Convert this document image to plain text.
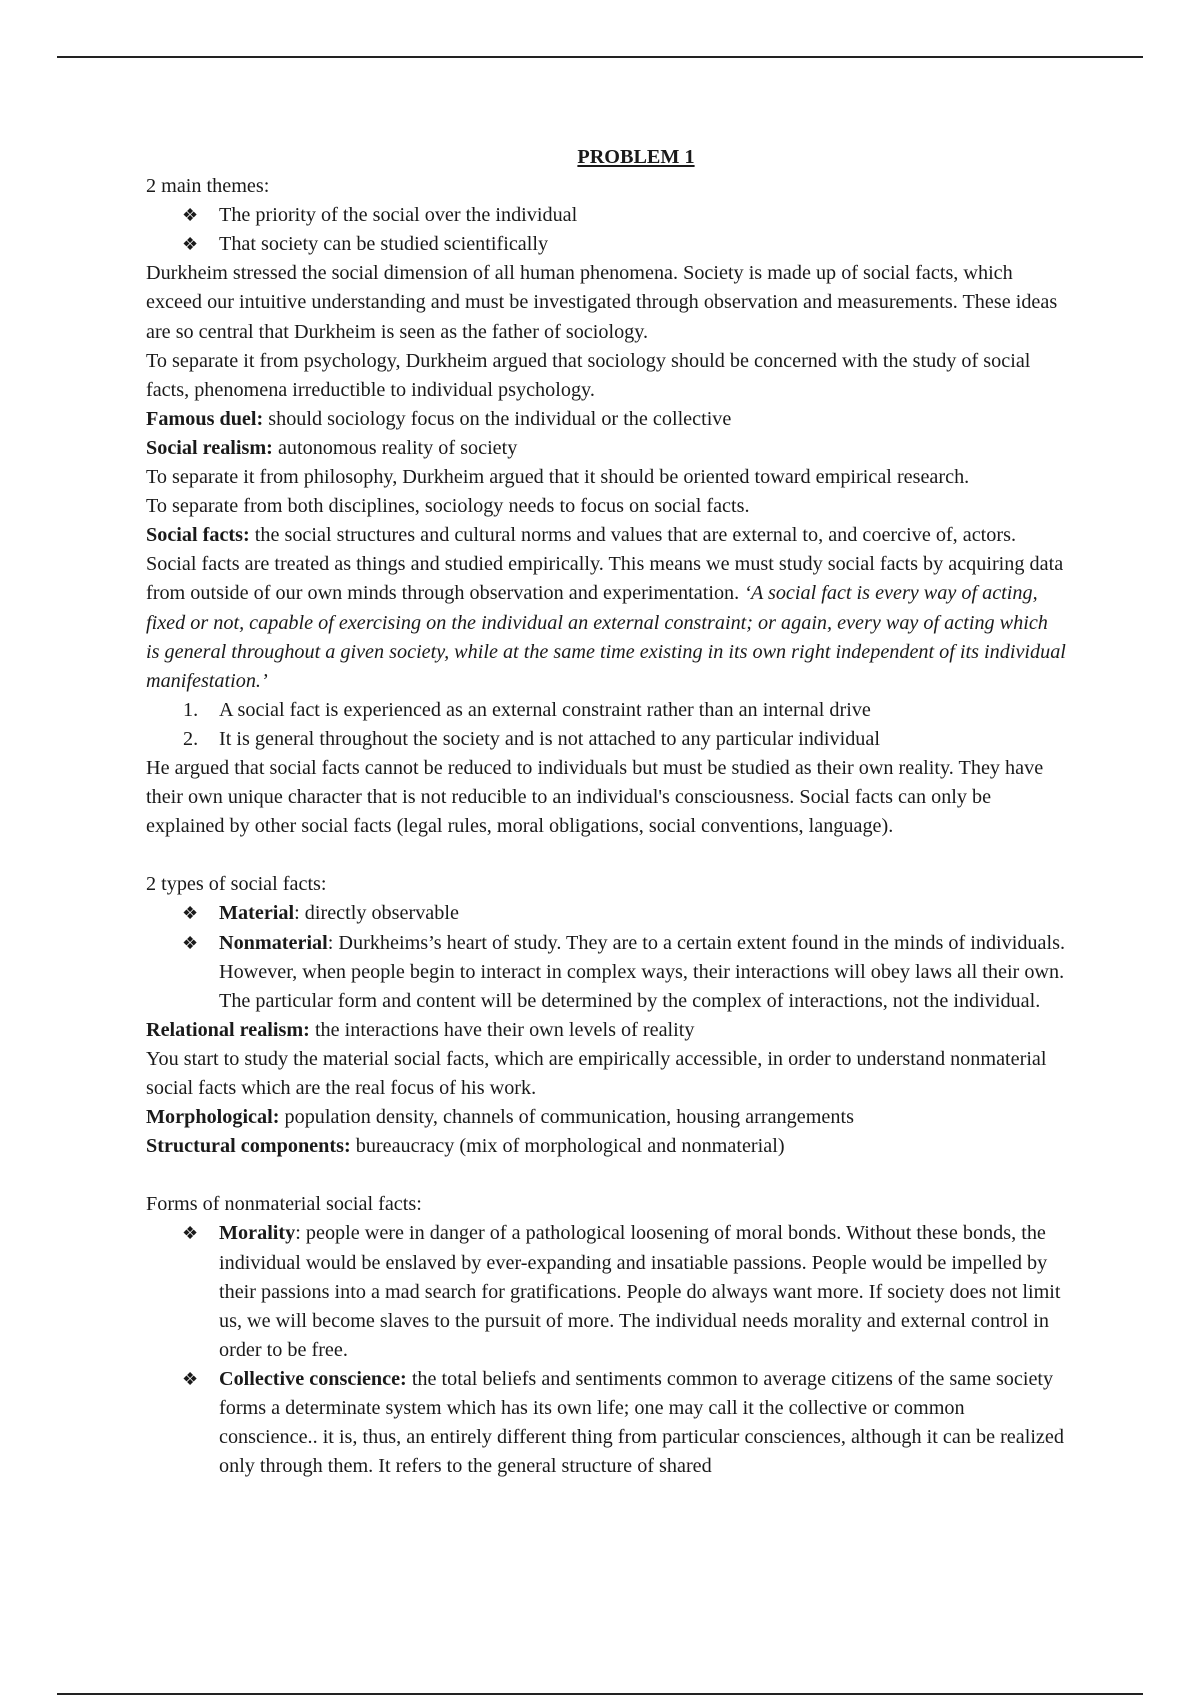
PROBLEM 1

2 main themes:

❖ The priority of the social over the individual
❖ That society can be studied scientifically

Durkheim stressed the social dimension of all human phenomena. Society is made up of social facts, which exceed our intuitive understanding and must be investigated through observation and measurements. These ideas are so central that Durkheim is seen as the father of sociology.

To separate it from psychology, Durkheim argued that sociology should be concerned with the study of social facts, phenomena irreductible to individual psychology.

Famous duel: should sociology focus on the individual or the collective

Social realism: autonomous reality of society

To separate it from philosophy, Durkheim argued that it should be oriented toward empirical research.

To separate from both disciplines, sociology needs to focus on social facts.

Social facts: the social structures and cultural norms and values that are external to, and coercive of, actors. Social facts are treated as things and studied empirically. This means we must study social facts by acquiring data from outside of our own minds through observation and experimentation. ‘A social fact is every way of acting, fixed or not, capable of exercising on the individual an external constraint; or again, every way of acting which is general throughout a given society, while at the same time existing in its own right independent of its individual manifestation.’

1. A social fact is experienced as an external constraint rather than an internal drive
2. It is general throughout the society and is not attached to any particular individual

He argued that social facts cannot be reduced to individuals but must be studied as their own reality. They have their own unique character that is not reducible to an individual's consciousness. Social facts can only be explained by other social facts (legal rules, moral obligations, social conventions, language).

2 types of social facts:

❖ Material: directly observable
❖ Nonmaterial: Durkheims’s heart of study. They are to a certain extent found in the minds of individuals. However, when people begin to interact in complex ways, their interactions will obey laws all their own. The particular form and content will be determined by the complex of interactions, not the individual.

Relational realism: the interactions have their own levels of reality

You start to study the material social facts, which are empirically accessible, in order to understand nonmaterial social facts which are the real focus of his work.

Morphological: population density, channels of communication, housing arrangements

Structural components: bureaucracy (mix of morphological and nonmaterial)

Forms of nonmaterial social facts:

❖ Morality: people were in danger of a pathological loosening of moral bonds. Without these bonds, the individual would be enslaved by ever-expanding and insatiable passions. People would be impelled by their passions into a mad search for gratifications. People do always want more. If society does not limit us, we will become slaves to the pursuit of more. The individual needs morality and external control in order to be free.
❖ Collective conscience: the total beliefs and sentiments common to average citizens of the same society forms a determinate system which has its own life; one may call it the collective or common conscience.. it is, thus, an entirely different thing from particular consciences, although it can be realized only through them. It refers to the general structure of shared
